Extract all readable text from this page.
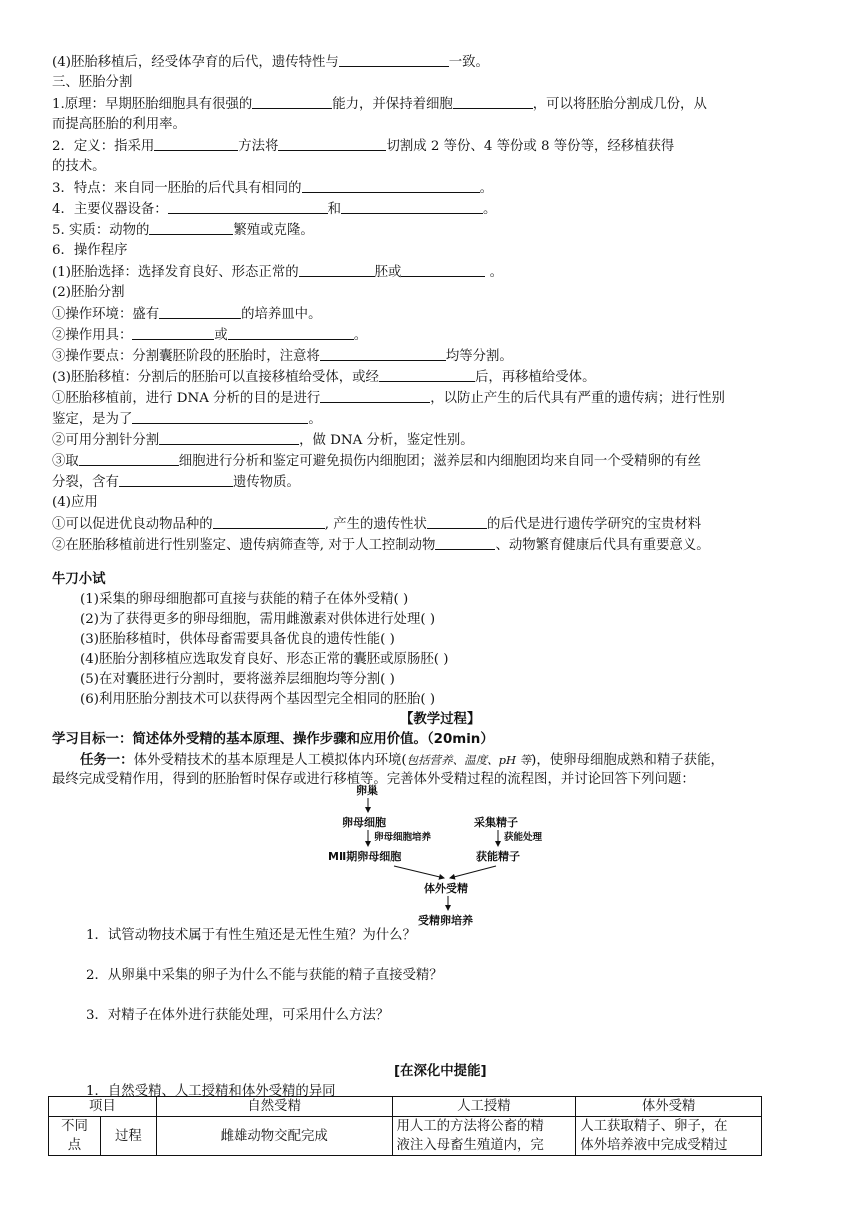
(4)胚胎移植后，经受体孕育的后代，遗传特性与	一致。
三、胚胎分割
1.原理：早期胚胎细胞具有很强的	能力，并保持着细胞	，可以将胚胎分割成几份，从
而提高胚胎的利用率。
2．定义：指采用	方法将	切割成 2 等份、4 等份或 8 等份等，经移植获得
的技术。
3．特点：来自同一胚胎的后代具有相同的	。
4．主要仪器设备：	和	。
5. 实质：动物的	繁殖或克隆。
6．操作程序
(1)胚胎选择：选择发育良好、形态正常的	胚或	。
(2)胚胎分割
①操作环境：盛有	的培养皿中。
②操作用具：	或	。
③操作要点：分割囊胚阶段的胚胎时，注意将	均等分割。
(3)胚胎移植：分割后的胚胎可以直接移植给受体，或经	后，再移植给受体。
①胚胎移植前，进行 DNA 分析的目的是进行	，以防止产生的后代具有严重的遗传病；进行性别
鉴定，是为了	。
②可用分割针分割	，做 DNA 分析，鉴定性别。
③取	细胞进行分析和鉴定可避免损伤内细胞团；滋养层和内细胞团均来自同一个受精卵的有丝
分裂，含有	遗传物质。
(4)应用
①可以促进优良动物品种的	, 产生的遗传性状	的后代是进行遗传学研究的宝贵材料
②在胚胎移植前进行性别鉴定、遗传病筛查等, 对于人工控制动物	、动物繁育健康后代具有重要意义。
牛刀小试
(1)采集的卵母细胞都可直接与获能的精子在体外受精( )
(2)为了获得更多的卵母细胞，需用雌激素对供体进行处理( )
(3)胚胎移植时，供体母畜需要具备优良的遗传性能( )
(4)胚胎分割移植应选取发育良好、形态正常的囊胚或原肠胚( )
(5)在对囊胚进行分割时，要将滋养层细胞均等分割( )
(6)利用胚胎分割技术可以获得两个基因型完全相同的胚胎( )
【教学过程】
学习目标一：简述体外受精的基本原理、操作步骤和应用价值。（20min）
任务一：体外受精技术的基本原理是人工模拟体内环境(包括营养、温度、pH 等)，使卵母细胞成熟和精子获能，
最终完成受精作用，得到的胚胎暂时保存或进行移植等。完善体外受精过程的流程图，并讨论回答下列问题：
卵巢
卵母细胞
卵母细胞培养
MⅡ期卵母细胞
采集精子
获能处理
获能精子
体外受精
受精卵培养
1．试管动物技术属于有性生殖还是无性生殖？为什么？
2．从卵巢中采集的卵子为什么不能与获能的精子直接受精？
3．对精子在体外进行获能处理，可采用什么方法？
[在深化中提能]
1．自然受精、人工授精和体外受精的异同
项目		自然受精	人工授精	体外受精
不同
点	过程	雌雄动物交配完成	用人工的方法将公畜的精
液注入母畜生殖道内，完	人工获取精子、卵子，在
体外培养液中完成受精过
